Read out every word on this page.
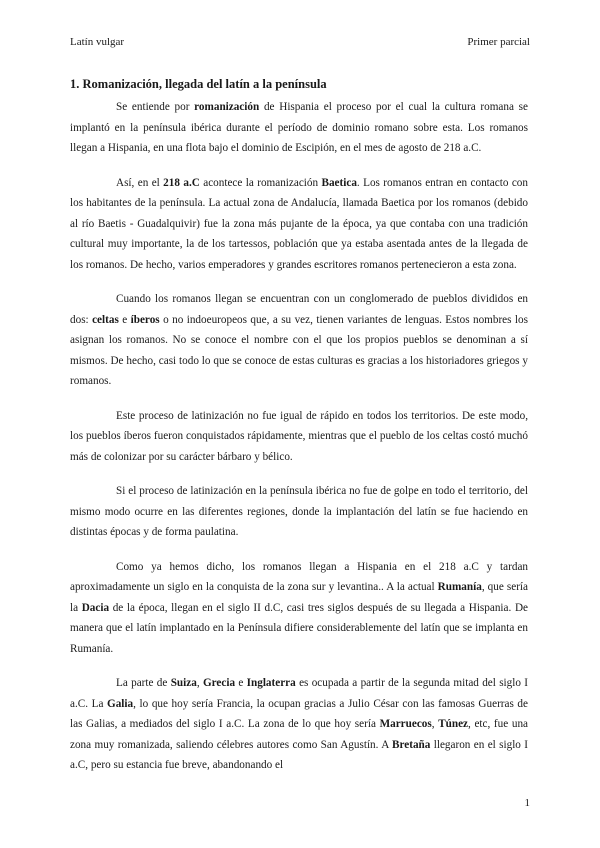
Latín vulgar	Primer parcial
1. Romanización, llegada del latín a la península

Se entiende por romanización de Hispania el proceso por el cual la cultura romana se implantó en la península ibérica durante el período de dominio romano sobre esta. Los romanos llegan a Hispania, en una flota bajo el dominio de Escipión, en el mes de agosto de 218 a.C.

Así, en el 218 a.C acontece la romanización Baetica. Los romanos entran en contacto con los habitantes de la península. La actual zona de Andalucía, llamada Baetica por los romanos (debido al río Baetis - Guadalquivir) fue la zona más pujante de la época, ya que contaba con una tradición cultural muy importante, la de los tartessos, población que ya estaba asentada antes de la llegada de los romanos. De hecho, varios emperadores y grandes escritores romanos pertenecieron a esta zona.

Cuando los romanos llegan se encuentran con un conglomerado de pueblos divididos en dos: celtas e íberos o no indoeuropeos que, a su vez, tienen variantes de lenguas. Estos nombres los asignan los romanos. No se conoce el nombre con el que los propios pueblos se denominan a sí mismos. De hecho, casi todo lo que se conoce de estas culturas es gracias a los historiadores griegos y romanos.

Este proceso de latinización no fue igual de rápido en todos los territorios. De este modo, los pueblos íberos fueron conquistados rápidamente, mientras que el pueblo de los celtas costó muchó más de colonizar por su carácter bárbaro y bélico.

Si el proceso de latinización en la península ibérica no fue de golpe en todo el territorio, del mismo modo ocurre en las diferentes regiones, donde la implantación del latín se fue haciendo en distintas épocas y de forma paulatina.

Como ya hemos dicho, los romanos llegan a Hispania en el 218 a.C y tardan aproximadamente un siglo en la conquista de la zona sur y levantina.. A la actual Rumanía, que sería la Dacia de la época, llegan en el siglo II d.C, casi tres siglos después de su llegada a Hispania. De manera que el latín implantado en la Península difiere considerablemente del latín que se implanta en Rumanía.

La parte de Suiza, Grecia e Inglaterra es ocupada a partir de la segunda mitad del siglo I a.C. La Galia, lo que hoy sería Francia, la ocupan gracias a Julio César con las famosas Guerras de las Galias, a mediados del siglo I a.C. La zona de lo que hoy sería Marruecos, Túnez, etc, fue una zona muy romanizada, saliendo célebres autores como San Agustín. A Bretaña llegaron en el siglo I a.C, pero su estancia fue breve, abandonando el

1
